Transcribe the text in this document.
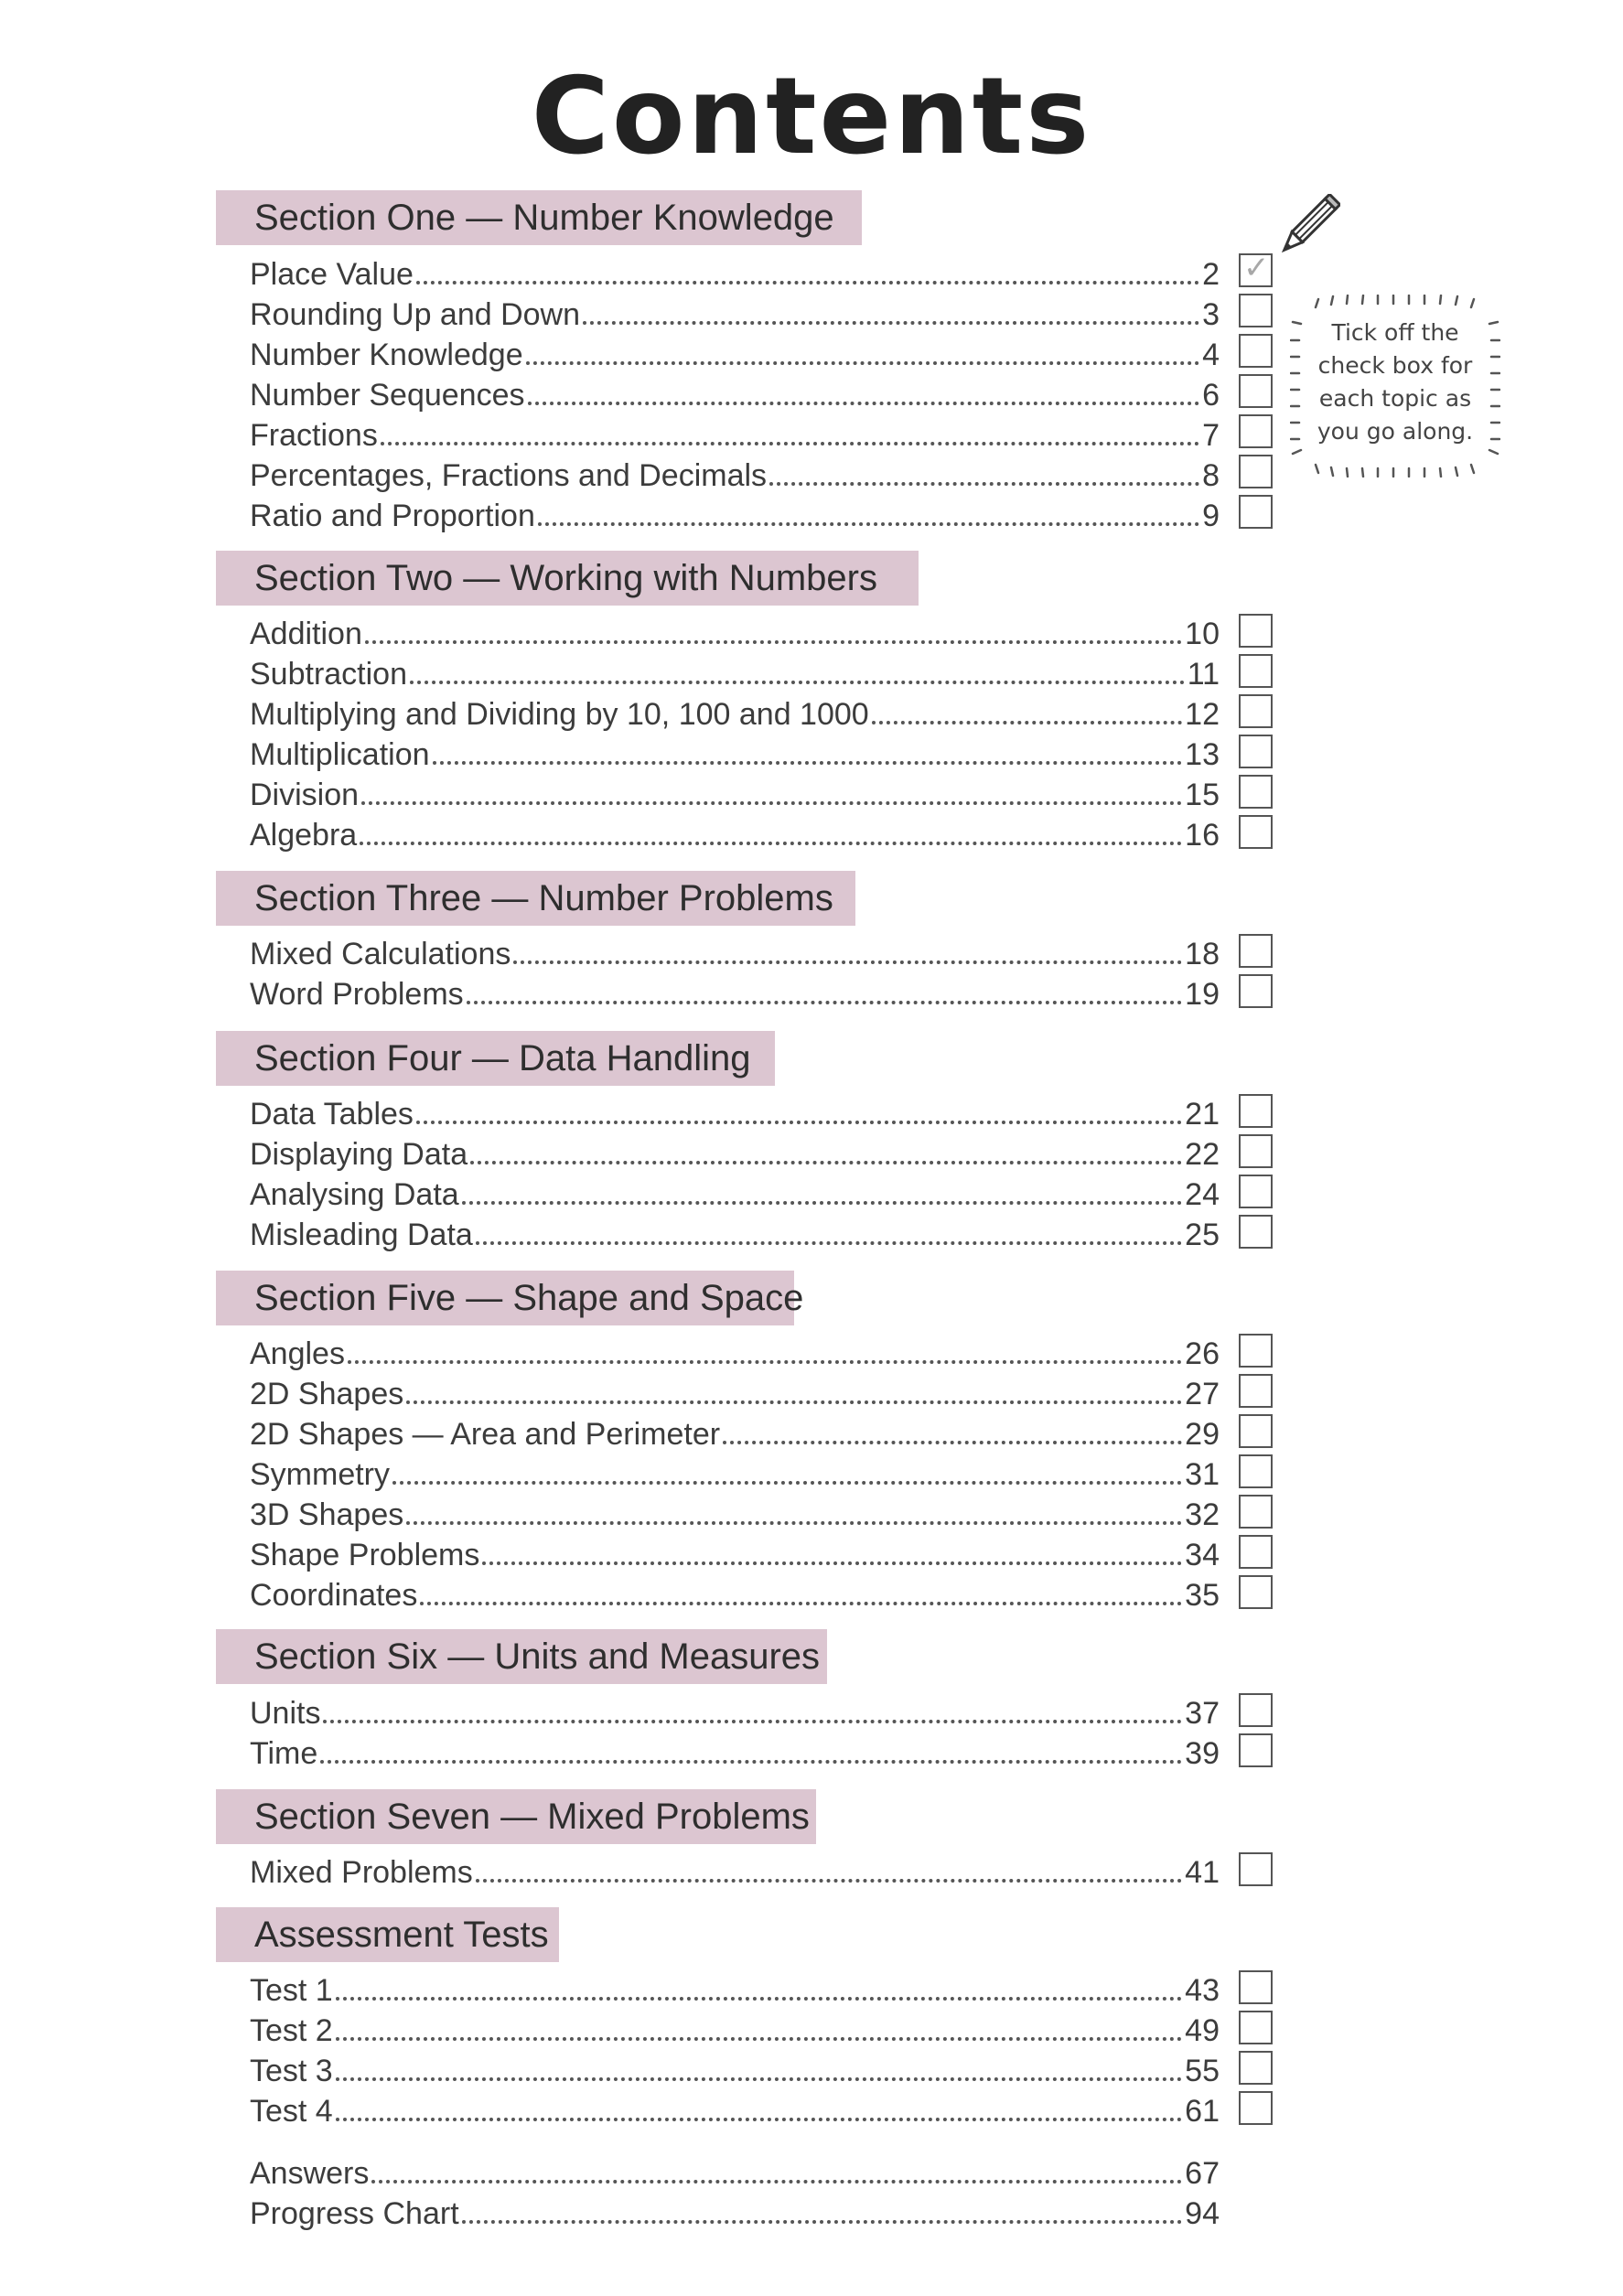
Contents
Section One — Number Knowledge
Place Value	2 ✓
Rounding Up and Down	3
Number Knowledge	4
Number Sequences	6
Fractions	7
Percentages, Fractions and Decimals	8
Ratio and Proportion	9
Section Two — Working with Numbers
Addition	10
Subtraction	11
Multiplying and Dividing by 10, 100 and 1000	12
Multiplication	13
Division	15
Algebra	16
Section Three — Number Problems
Mixed Calculations	18
Word Problems	19
Section Four — Data Handling
Data Tables	21
Displaying Data	22
Analysing Data	24
Misleading Data	25
Section Five — Shape and Space
Angles	26
2D Shapes	27
2D Shapes — Area and Perimeter	29
Symmetry	31
3D Shapes	32
Shape Problems	34
Coordinates	35
Section Six — Units and Measures
Units	37
Time	39
Section Seven — Mixed Problems
Mixed Problems	41
Assessment Tests
Test 1	43
Test 2	49
Test 3	55
Test 4	61
Answers	67
Progress Chart	94
Tick off the
check box for
each topic as
you go along.
